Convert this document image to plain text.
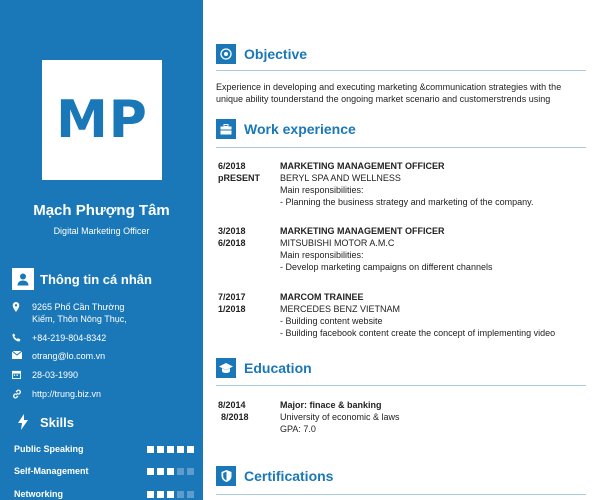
MP
Mạch Phượng Tâm
Digital Marketing Officer
Thông tin cá nhân
9265 Phố Cần Thường
Kiếm, Thôn Nông Thục,
+84-219-804-8342
otrang@lo.com.vn
28-03-1990
http://trung.biz.vn
Skills
Public Speaking
Self-Management
Networking
Objective
Experience in developing and executing marketing &communication strategies with the unique ability tounderstand the ongoing market scenario and customerstrends using
Work experience
6/2018
pRESENT
MARKETING MANAGEMENT OFFICER
BERYL SPA AND WELLNESS
Main responsibilities:
- Planning the business strategy and marketing of the company.
3/2018
6/2018
MARKETING MANAGEMENT OFFICER
MITSUBISHI MOTOR A.M.C
Main responsibilities:
- Develop marketing campaigns on different channels
7/2017
1/2018
MARCOM TRAINEE
MERCEDES BENZ VIETNAM
- Building content website
- Building facebook content create the concept of implementing video
Education
8/2014
8/2018
Major: finace & banking
University of economic & laws
GPA: 7.0
Certifications
